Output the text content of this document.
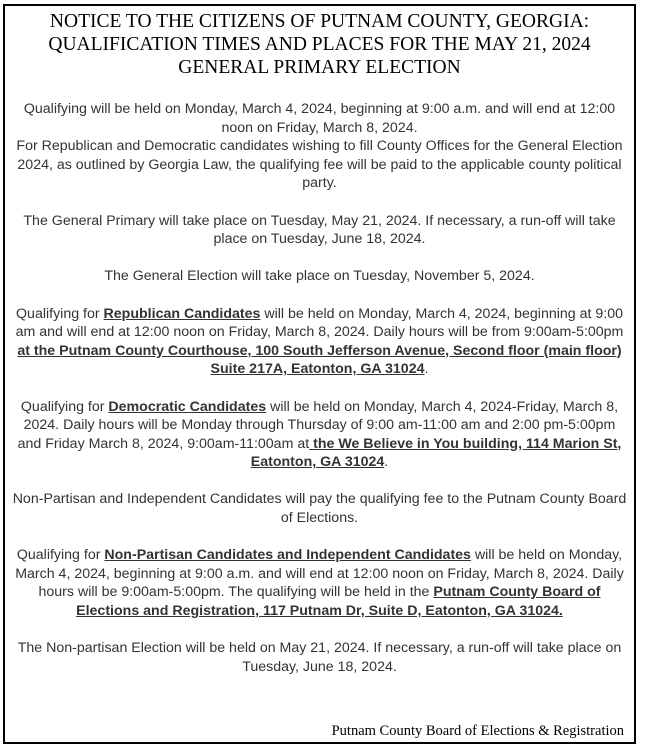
NOTICE TO THE CITIZENS OF PUTNAM COUNTY, GEORGIA:
QUALIFICATION TIMES AND PLACES FOR THE MAY 21, 2024
GENERAL PRIMARY ELECTION

Qualifying will be held on Monday, March 4, 2024, beginning at 9:00 a.m. and will end at 12:00 noon on Friday, March 8, 2024.

For Republican and Democratic candidates wishing to fill County Offices for the General Election 2024, as outlined by Georgia Law, the qualifying fee will be paid to the applicable county political party.

The General Primary will take place on Tuesday, May 21, 2024. If necessary, a run-off will take place on Tuesday, June 18, 2024.

The General Election will take place on Tuesday, November 5, 2024.

Qualifying for Republican Candidates will be held on Monday, March 4, 2024, beginning at 9:00 am and will end at 12:00 noon on Friday, March 8, 2024. Daily hours will be from 9:00am-5:00pm at the Putnam County Courthouse, 100 South Jefferson Avenue, Second floor (main floor) Suite 217A, Eatonton, GA 31024.

Qualifying for Democratic Candidates will be held on Monday, March 4, 2024-Friday, March 8, 2024. Daily hours will be Monday through Thursday of 9:00 am-11:00 am and 2:00 pm-5:00pm and Friday March 8, 2024, 9:00am-11:00am at the We Believe in You building, 114 Marion St, Eatonton, GA 31024.

Non-Partisan and Independent Candidates will pay the qualifying fee to the Putnam County Board of Elections.

Qualifying for Non-Partisan Candidates and Independent Candidates will be held on Monday, March 4, 2024, beginning at 9:00 a.m. and will end at 12:00 noon on Friday, March 8, 2024. Daily hours will be 9:00am-5:00pm. The qualifying will be held in the Putnam County Board of Elections and Registration, 117 Putnam Dr, Suite D, Eatonton, GA 31024.

The Non-partisan Election will be held on May 21, 2024. If necessary, a run-off will take place on Tuesday, June 18, 2024.

Putnam County Board of Elections & Registration
